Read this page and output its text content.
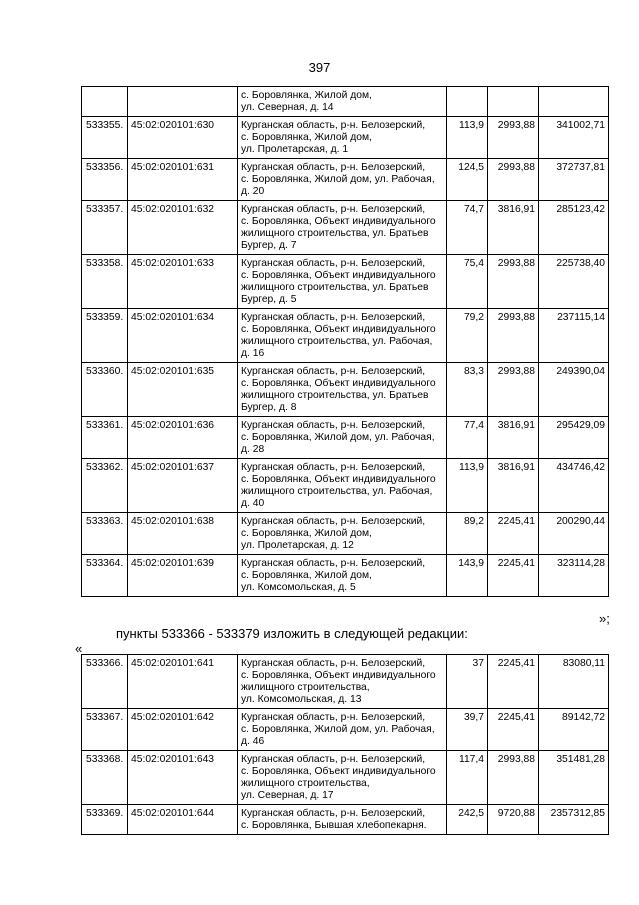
397

		с. Боровлянка, Жилой дом,
ул. Северная, д. 14			

533355.	45:02:020101:630	Курганская область, р-н. Белозерский,
с. Боровлянка, Жилой дом,
ул. Пролетарская, д. 1	113,9	2993,88	341002,71
533356.	45:02:020101:631	Курганская область, р-н. Белозерский,
с. Боровлянка, Жилой дом, ул. Рабочая,
д. 20	124,5	2993,88	372737,81
533357.	45:02:020101:632	Курганская область, р-н. Белозерский,
с. Боровлянка, Объект индивидуального
жилищного строительства, ул. Братьев
Бургер, д. 7	74,7	3816,91	285123,42
533358.	45:02:020101:633	Курганская область, р-н. Белозерский,
с. Боровлянка, Объект индивидуального
жилищного строительства, ул. Братьев
Бургер, д. 5	75,4	2993,88	225738,40
533359.	45:02:020101:634	Курганская область, р-н. Белозерский,
с. Боровлянка, Объект индивидуального
жилищного строительства, ул. Рабочая,
д. 16	79,2	2993,88	237115,14
533360.	45:02:020101:635	Курганская область, р-н. Белозерский,
с. Боровлянка, Объект индивидуального
жилищного строительства, ул. Братьев
Бургер, д. 8	83,3	2993,88	249390,04
533361.	45:02:020101:636	Курганская область, р-н. Белозерский,
с. Боровлянка, Жилой дом, ул. Рабочая,
д. 28	77,4	3816,91	295429,09
533362.	45:02:020101:637	Курганская область, р-н. Белозерский,
с. Боровлянка, Объект индивидуального
жилищного строительства, ул. Рабочая,
д. 40	113,9	3816,91	434746,42
533363.	45:02:020101:638	Курганская область, р-н. Белозерский,
с. Боровлянка, Жилой дом,
ул. Пролетарская, д. 12	89,2	2245,41	200290,44
533364.	45:02:020101:639	Курганская область, р-н. Белозерский,
с. Боровлянка, Жилой дом,
ул. Комсомольская, д. 5	143,9	2245,41	323114,28
»;
пункты 533366 - 533379 изложить в следующей редакции:
«
533366.	45:02:020101:641	Курганская область, р-н. Белозерский,
с. Боровлянка, Объект индивидуального
жилищного строительства,
ул. Комсомольская, д. 13	37	2245,41	83080,11
533367.	45:02:020101:642	Курганская область, р-н. Белозерский,
с. Боровлянка, Жилой дом, ул. Рабочая,
д. 46	39,7	2245,41	89142,72
533368.	45:02:020101:643	Курганская область, р-н. Белозерский,
с. Боровлянка, Объект индивидуального
жилищного строительства,
ул. Северная, д. 17	117,4	2993,88	351481,28
533369.	45:02:020101:644	Курганская область, р-н. Белозерский,
с. Боровлянка, Бывшая хлебопекарня.	242,5	9720,88	2357312,85
